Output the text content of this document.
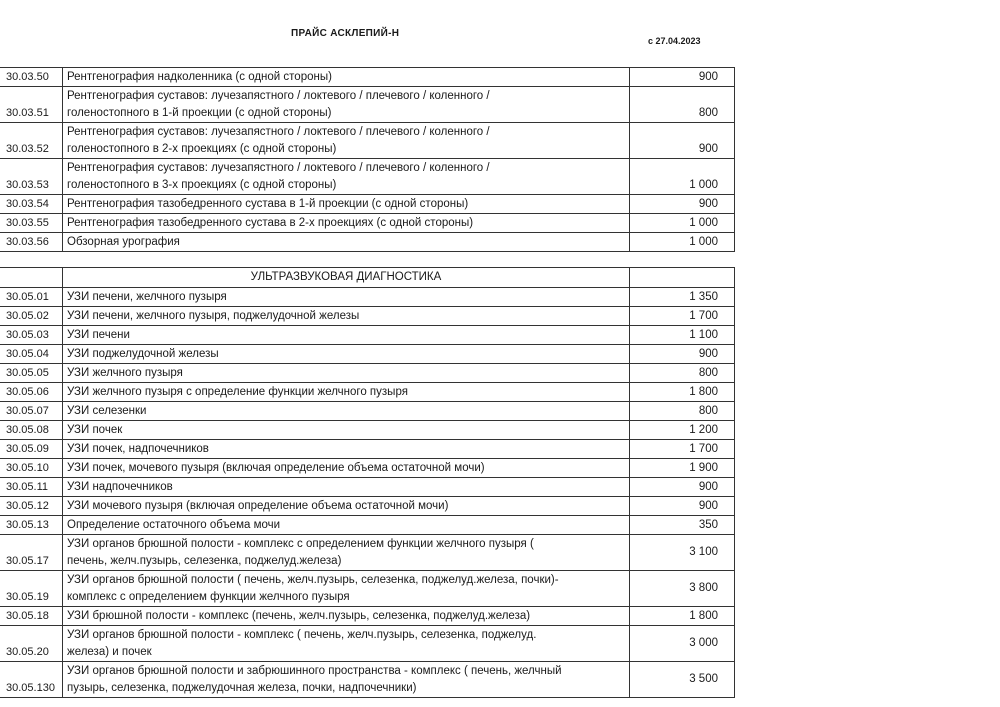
ПРАЙС АСКЛЕПИЙ-Н
с 27.04.2023
30.03.50	Рентгенография надколенника (с одной стороны)	900
30.03.51	Рентгенография суставов: лучезапястного / локтевого / плечевого / коленного /
голеностопного в 1-й проекции (с одной стороны)	800
30.03.52	Рентгенография суставов: лучезапястного / локтевого / плечевого / коленного /
голеностопного в 2-х проекциях (с одной стороны)	900
30.03.53	Рентгенография суставов: лучезапястного / локтевого / плечевого / коленного /
голеностопного в 3-х проекциях (с одной стороны)	1 000
30.03.54	Рентгенография тазобедренного сустава в 1-й проекции (с одной стороны)	900
30.03.55	Рентгенография тазобедренного сустава в 2-х проекциях (с одной стороны)	1 000
30.03.56	Обзорная урография	1 000
	УЛЬТРАЗВУКОВАЯ ДИАГНОСТИКА	
30.05.01	УЗИ печени, желчного пузыря	1 350
30.05.02	УЗИ печени, желчного пузыря, поджелудочной железы	1 700
30.05.03	УЗИ печени	1 100
30.05.04	УЗИ поджелудочной железы	900
30.05.05	УЗИ желчного пузыря	800
30.05.06	УЗИ желчного пузыря с определение функции желчного пузыря	1 800
30.05.07	УЗИ селезенки	800
30.05.08	УЗИ почек	1 200
30.05.09	УЗИ почек, надпочечников	1 700
30.05.10	УЗИ почек, мочевого пузыря (включая определение объема остаточной мочи)	1 900
30.05.11	УЗИ надпочечников	900
30.05.12	УЗИ мочевого пузыря (включая определение объема остаточной мочи)	900
30.05.13	Определение остаточного объема мочи	350
30.05.17	УЗИ органов брюшной полости - комплекс с определением функции желчного пузыря (
печень, желч.пузырь, селезенка, поджелуд.железа)	3 100
30.05.19	УЗИ органов брюшной полости ( печень, желч.пузырь, селезенка, поджелуд.железа, почки)-
комплекс с определением функции желчного пузыря	3 800
30.05.18	УЗИ брюшной полости - комплекс (печень, желч.пузырь, селезенка, поджелуд.железа)	1 800
30.05.20	УЗИ органов брюшной полости - комплекс ( печень, желч.пузырь, селезенка, поджелуд.
железа) и почек	3 000
30.05.130	УЗИ органов брюшной полости и забрюшинного пространства - комплекс ( печень, желчный
пузырь, селезенка, поджелудочная железа, почки, надпочечники)	3 500
